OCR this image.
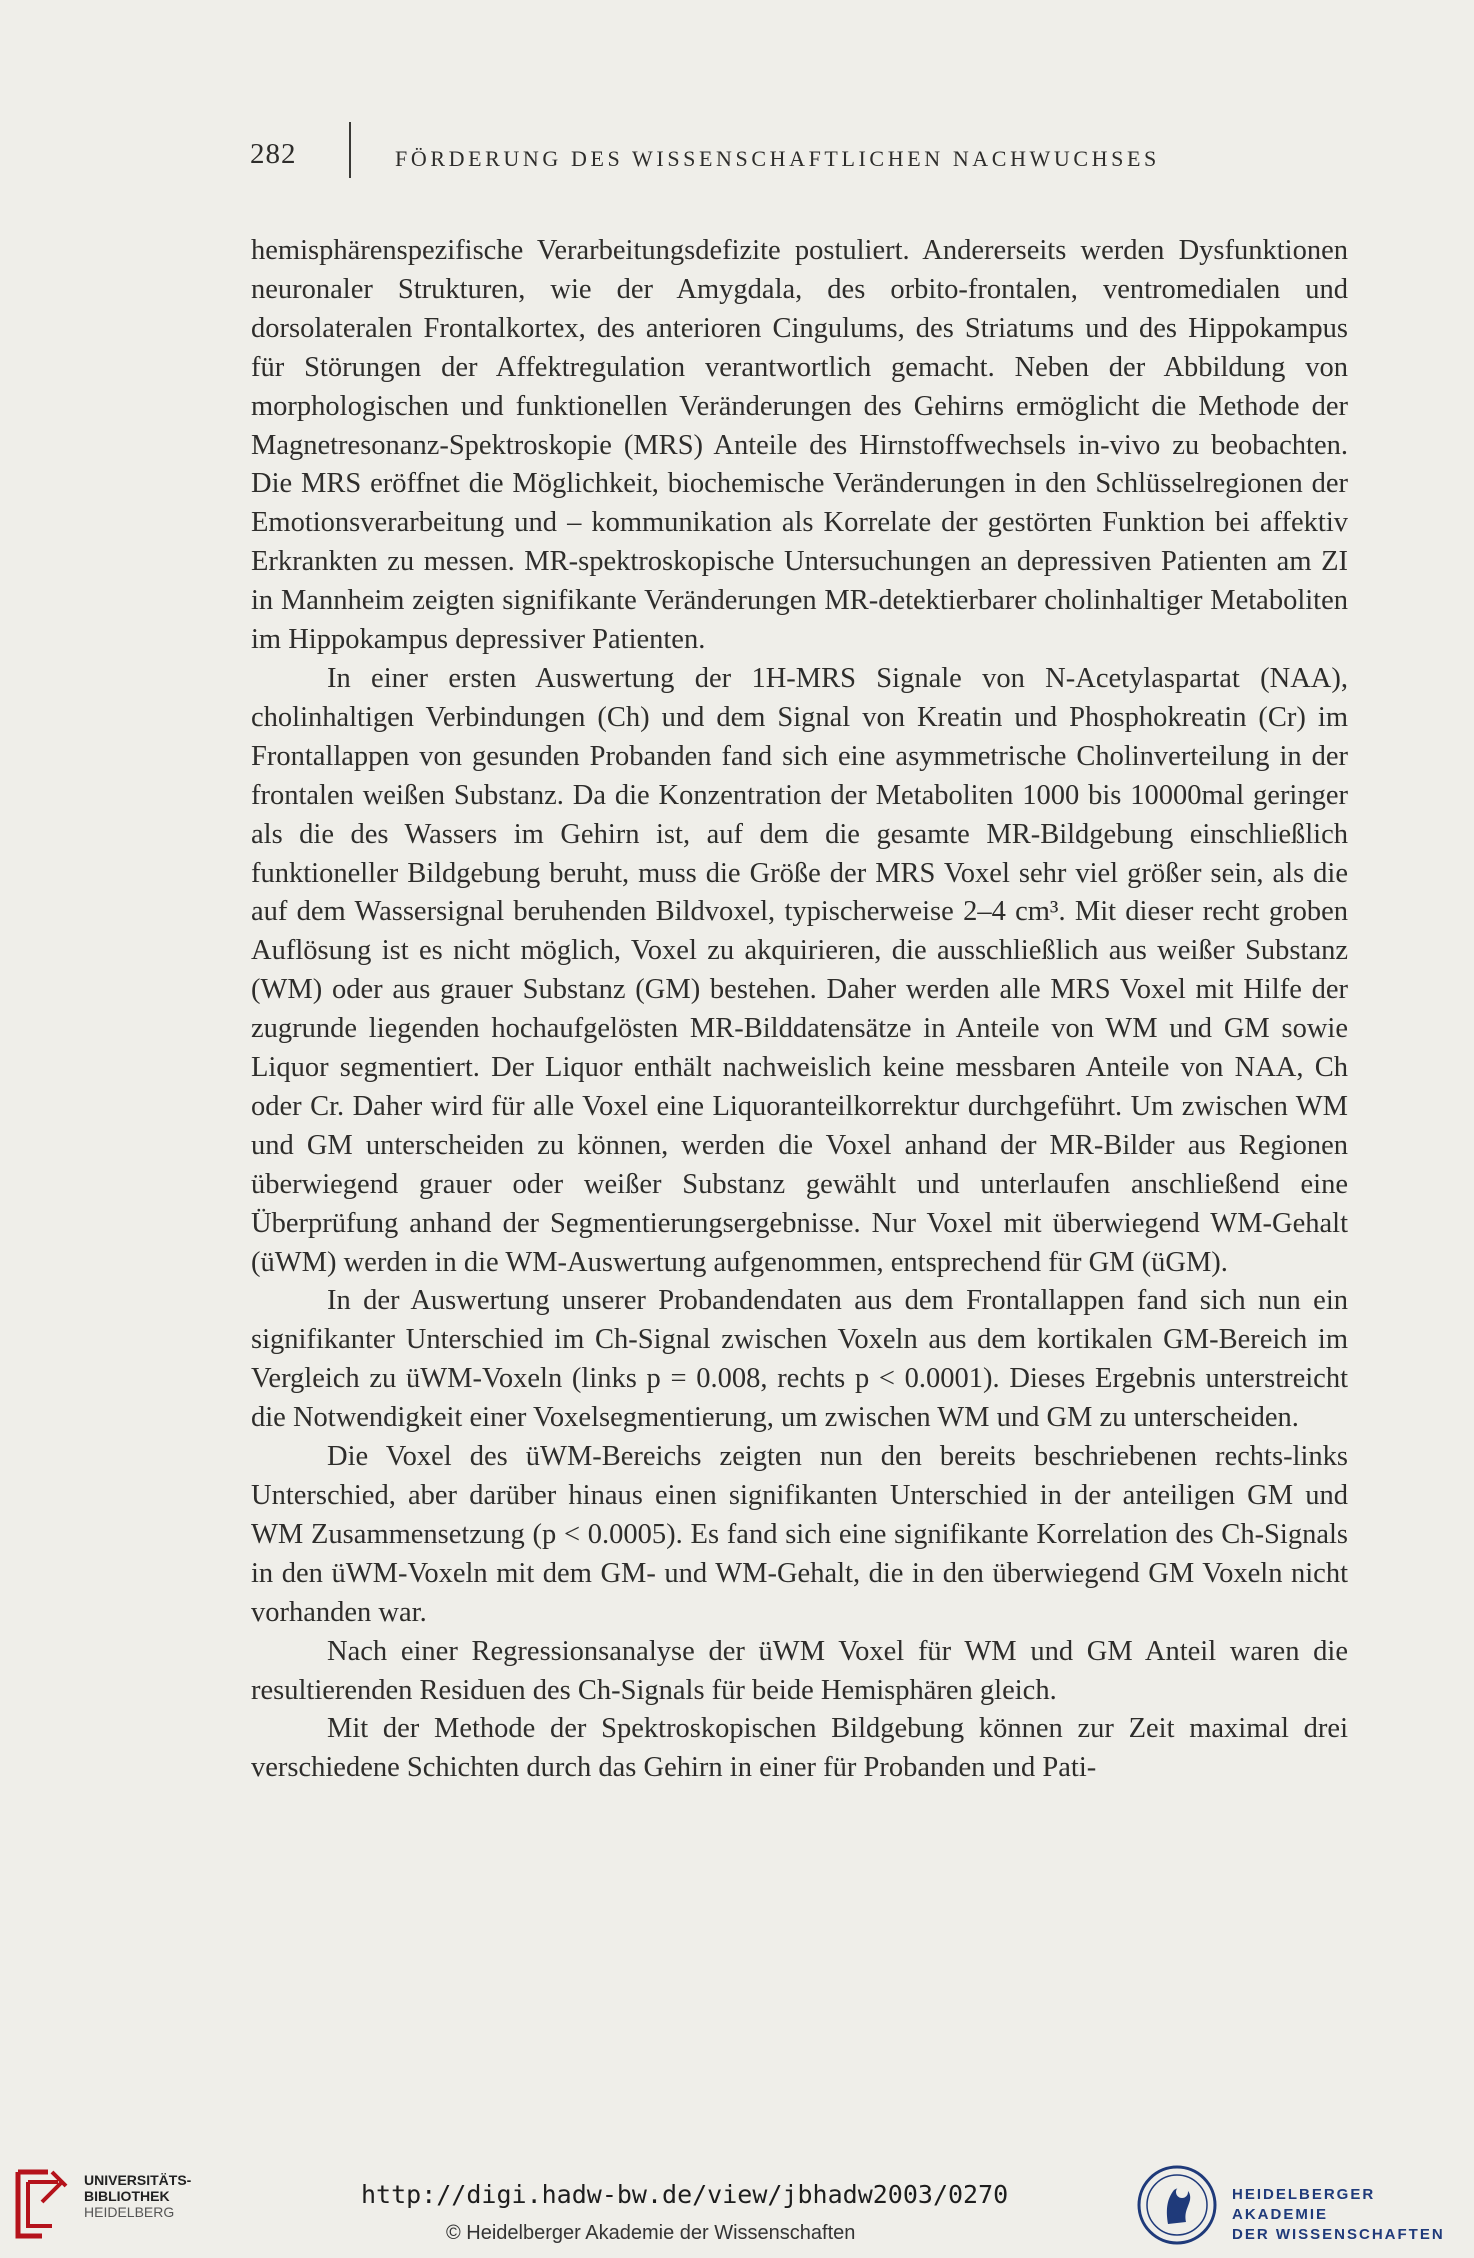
282	FÖRDERUNG DES WISSENSCHAFTLICHEN NACHWUCHSES

hemisphärenspezifische Verarbeitungsdefizite postuliert. Andererseits werden Dysfunktionen neuronaler Strukturen, wie der Amygdala, des orbito-frontalen, ventromedialen und dorsolateralen Frontalkortex, des anterioren Cingulums, des Striatums und des Hippokampus für Störungen der Affektregulation verantwortlich gemacht. Neben der Abbildung von morphologischen und funktionellen Veränderungen des Gehirns ermöglicht die Methode der Magnetresonanz-Spektroskopie (MRS) Anteile des Hirnstoffwechsels in-vivo zu beobachten. Die MRS eröffnet die Möglichkeit, biochemische Veränderungen in den Schlüsselregionen der Emotionsverarbeitung und – kommunikation als Korrelate der gestörten Funktion bei affektiv Erkrankten zu messen. MR-spektroskopische Untersuchungen an depressiven Patienten am ZI in Mannheim zeigten signifikante Veränderungen MR-detektierbarer cholinhaltiger Metaboliten im Hippokampus depressiver Patienten.

In einer ersten Auswertung der 1H-MRS Signale von N-Acetylaspartat (NAA), cholinhaltigen Verbindungen (Ch) und dem Signal von Kreatin und Phosphokreatin (Cr) im Frontallappen von gesunden Probanden fand sich eine asymmetrische Cholinverteilung in der frontalen weißen Substanz. Da die Konzentration der Metaboliten 1000 bis 10000mal geringer als die des Wassers im Gehirn ist, auf dem die gesamte MR-Bildgebung einschließlich funktioneller Bildgebung beruht, muss die Größe der MRS Voxel sehr viel größer sein, als die auf dem Wassersignal beruhenden Bildvoxel, typischerweise 2–4 cm³. Mit dieser recht groben Auflösung ist es nicht möglich, Voxel zu akquirieren, die ausschließlich aus weißer Substanz (WM) oder aus grauer Substanz (GM) bestehen. Daher werden alle MRS Voxel mit Hilfe der zugrunde liegenden hochaufgelösten MR-Bilddatensätze in Anteile von WM und GM sowie Liquor segmentiert. Der Liquor enthält nachweislich keine messbaren Anteile von NAA, Ch oder Cr. Daher wird für alle Voxel eine Liquoranteilkorrektur durchgeführt. Um zwischen WM und GM unterscheiden zu können, werden die Voxel anhand der MR-Bilder aus Regionen überwiegend grauer oder weißer Substanz gewählt und unterlaufen anschließend eine Überprüfung anhand der Segmentierungsergebnisse. Nur Voxel mit überwiegend WM-Gehalt (üWM) werden in die WM-Auswertung aufgenommen, entsprechend für GM (üGM).

In der Auswertung unserer Probandendaten aus dem Frontallappen fand sich nun ein signifikanter Unterschied im Ch-Signal zwischen Voxeln aus dem kortikalen GM-Bereich im Vergleich zu üWM-Voxeln (links p = 0.008, rechts p < 0.0001). Dieses Ergebnis unterstreicht die Notwendigkeit einer Voxelsegmentierung, um zwischen WM und GM zu unterscheiden.

Die Voxel des üWM-Bereichs zeigten nun den bereits beschriebenen rechts-links Unterschied, aber darüber hinaus einen signifikanten Unterschied in der anteiligen GM und WM Zusammensetzung (p < 0.0005). Es fand sich eine signifikante Korrelation des Ch-Signals in den üWM-Voxeln mit dem GM- und WM-Gehalt, die in den überwiegend GM Voxeln nicht vorhanden war.

Nach einer Regressionsanalyse der üWM Voxel für WM und GM Anteil waren die resultierenden Residuen des Ch-Signals für beide Hemisphären gleich.

Mit der Methode der Spektroskopischen Bildgebung können zur Zeit maximal drei verschiedene Schichten durch das Gehirn in einer für Probanden und Pati-

UNIVERSITÄTS-
BIBLIOTHEK
HEIDELBERG
http://digi.hadw-bw.de/view/jbhadw2003/0270
© Heidelberger Akademie der Wissenschaften
HEIDELBERGER AKADEMIE
DER WISSENSCHAFTEN
